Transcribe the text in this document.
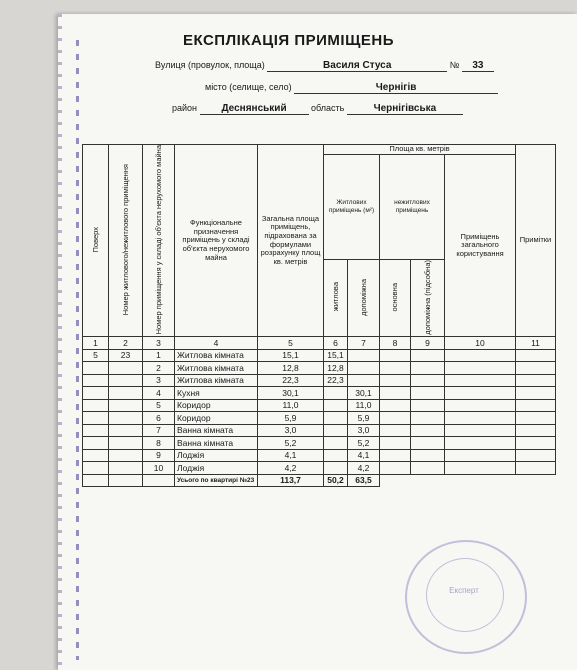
ЕКСПЛІКАЦІЯ ПРИМІЩЕНЬ
Вулиця (провулок, площа)	Василя Стуса	№ 33
місто (селище, село)	Чернігів
район Деснянський	область	Чернігівська
Поверх	Номер житлового/нежитлового приміщення	Номер приміщення у складі об'єкта нерухомого майна	Функціональне призначення приміщень у складі об'єкта нерухомого майна	Загальна площа приміщень, підрахована за формулами розрахунку площ кв. метрів	Площа кв. метрів					Примітки
					Житлових приміщень (м²)		нежитлових приміщень		Приміщень загального користування	
					житлова	допоміжна	основна	допоміжна (підсобна)		
1	2	3	4	5	6	7	8	9	10	11
5	23	1	Житлова кімната	15,1	15,1					
		2	Житлова кімната	12,8	12,8					
		3	Житлова кімната	22,3	22,3					
		4	Кухня	30,1		30,1				
		5	Коридор	11,0		11,0				
		6	Коридор	5,9		5,9				
		7	Ванна кімната	3,0		3,0				
		8	Ванна кімната	5,2		5,2				
		9	Лоджія	4,1		4,1				
		10	Лоджія	4,2		4,2				
			Усього по квартирі №23	113,7	50,2	63,5				
Експерт
